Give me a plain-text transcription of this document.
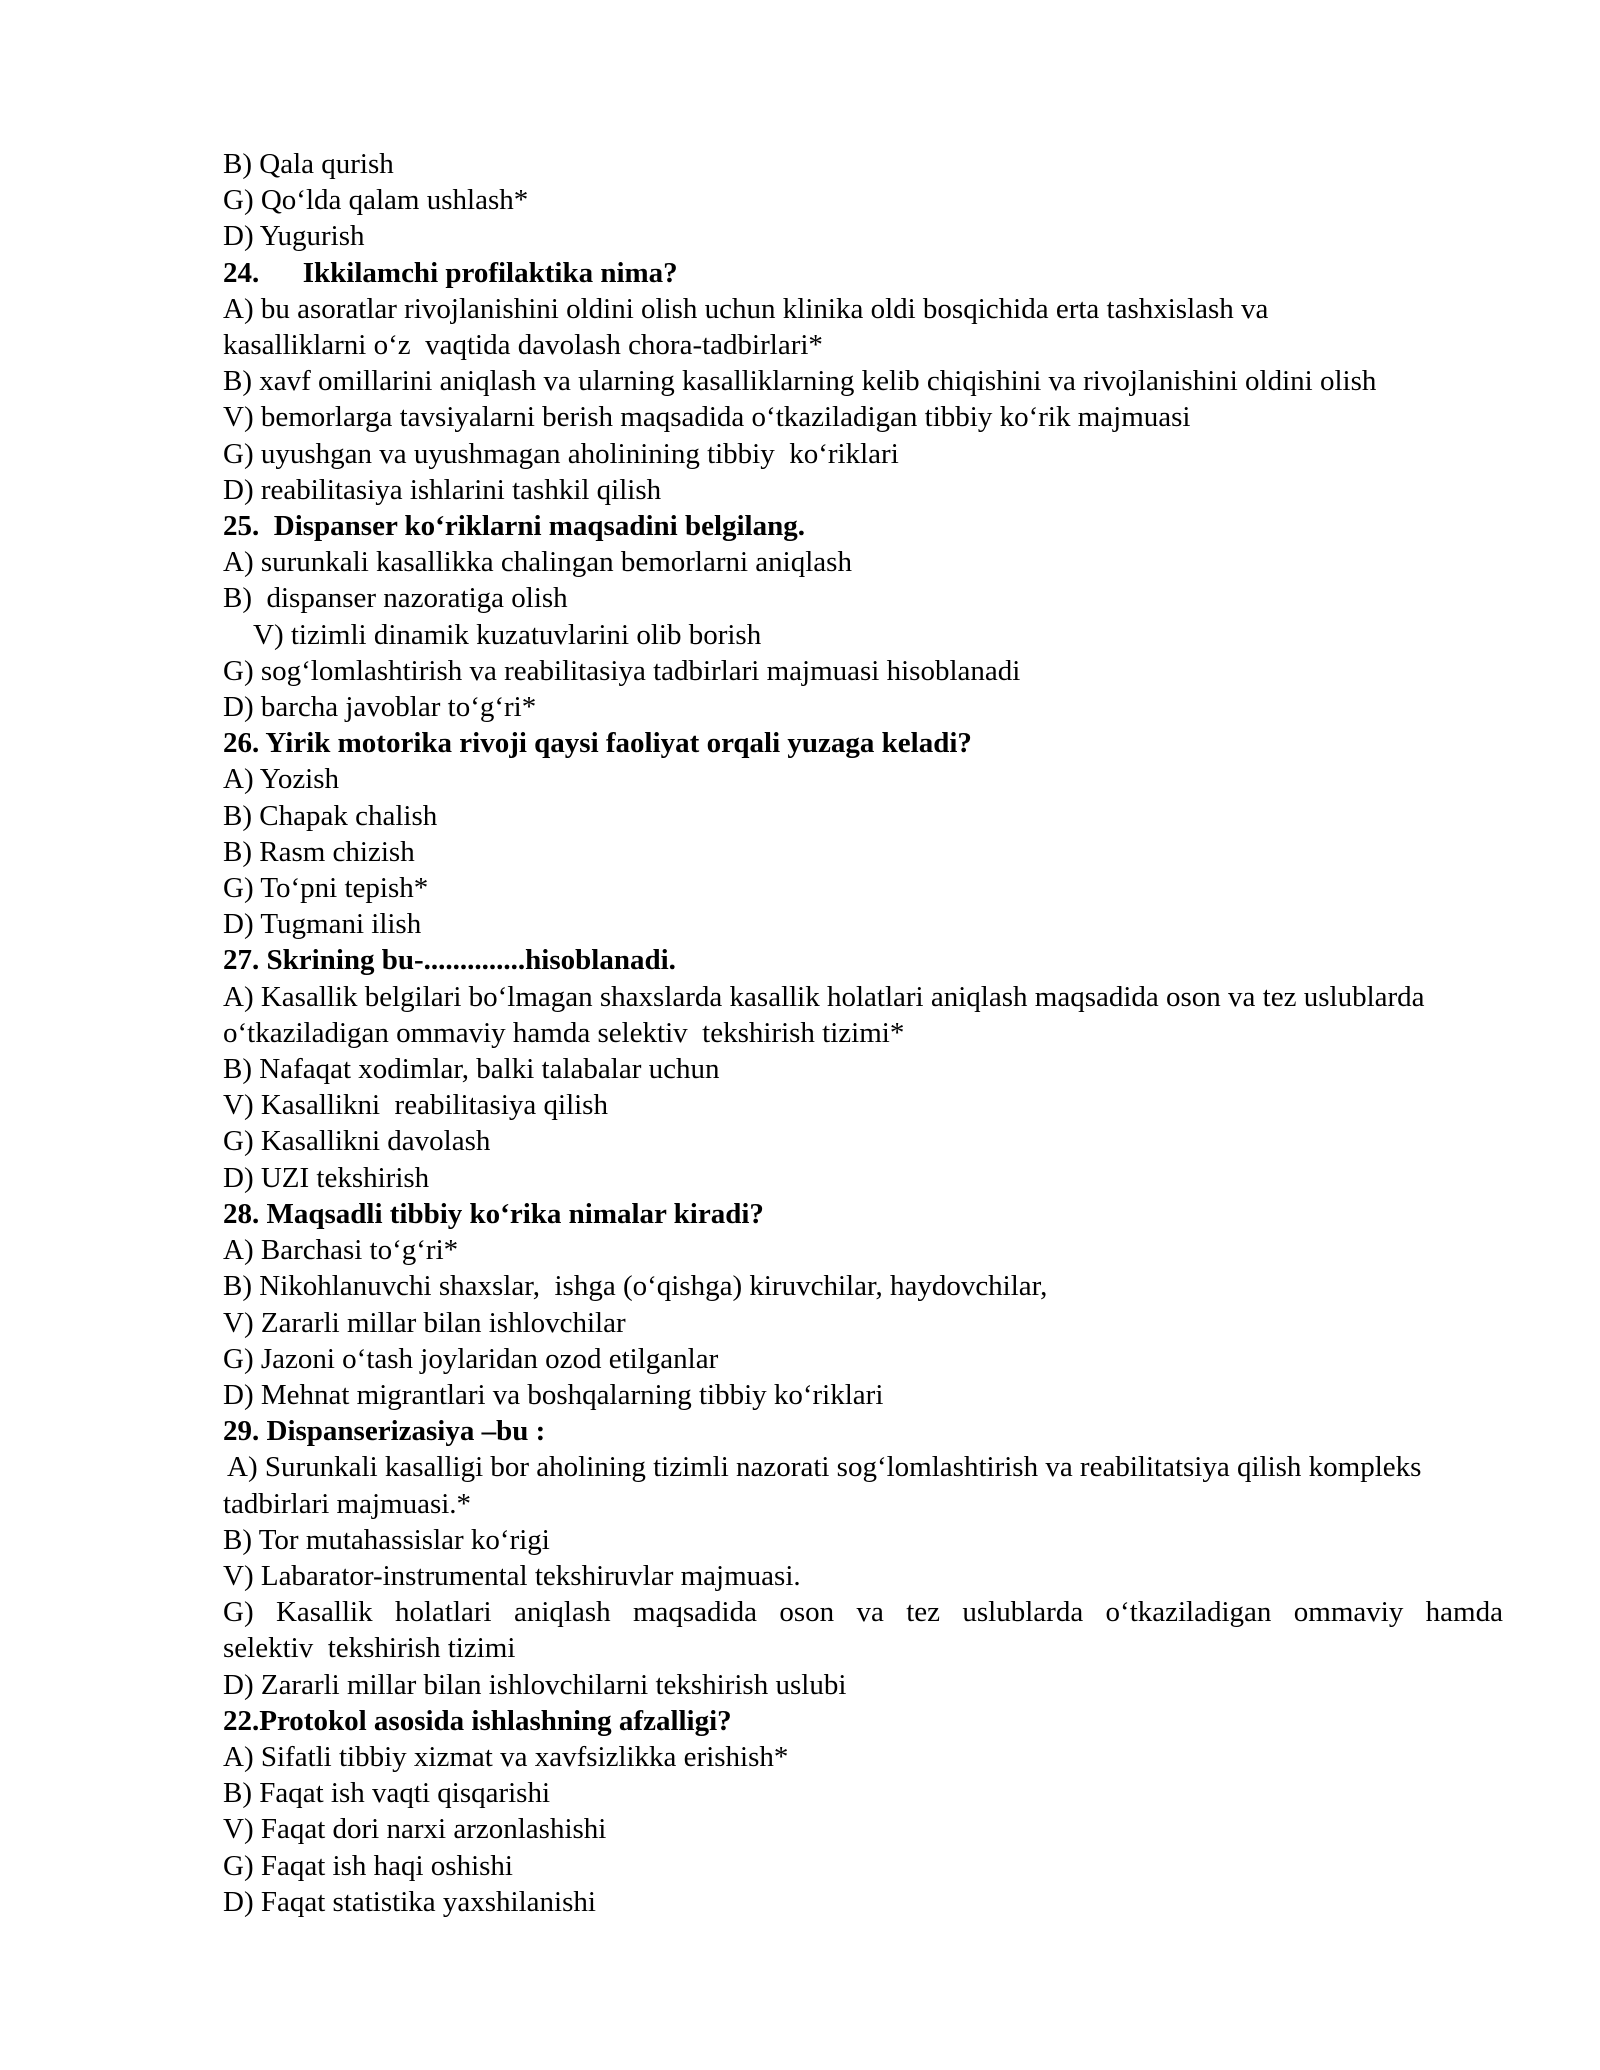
B) Qala qurish
G) Qo‘lda qalam ushlash*
D) Yugurish
24.      Ikkilamchi profilaktika nima?
A) bu asoratlar rivojlanishini oldini olish uchun klinika oldi bosqichida erta tashxislash va
kasalliklarni o‘z  vaqtida davolash chora-tadbirlari*
B) xavf omillarini aniqlash va ularning kasalliklarning kelib chiqishini va rivojlanishini oldini olish
V) bemorlarga tavsiyalarni berish maqsadida o‘tkaziladigan tibbiy ko‘rik majmuasi
G) uyushgan va uyushmagan aholinining tibbiy  ko‘riklari
D) reabilitasiya ishlarini tashkil qilish
25.  Dispanser ko‘riklarni maqsadini belgilang.
A) surunkali kasallikka chalingan bemorlarni aniqlash
B)  dispanser nazoratiga olish
V) tizimli dinamik kuzatuvlarini olib borish
G) sog‘lomlashtirish va reabilitasiya tadbirlari majmuasi hisoblanadi
D) barcha javoblar to‘g‘ri*
26. Yirik motorika rivoji qaysi faoliyat orqali yuzaga keladi?
A) Yozish
B) Chapak chalish
B) Rasm chizish
G) To‘pni tepish*
D) Tugmani ilish
27. Skrining bu-..............hisoblanadi.
A) Kasallik belgilari bo‘lmagan shaxslarda kasallik holatlari aniqlash maqsadida oson va tez uslublarda
o‘tkaziladigan ommaviy hamda selektiv  tekshirish tizimi*
B) Nafaqat xodimlar, balki talabalar uchun
V) Kasallikni  reabilitasiya qilish
G) Kasallikni davolash
D) UZI tekshirish
28. Maqsadli tibbiy ko‘rika nimalar kiradi?
A) Barchasi to‘g‘ri*
B) Nikohlanuvchi shaxslar,  ishga (o‘qishga) kiruvchilar, haydovchilar,
V) Zararli millar bilan ishlovchilar
G) Jazoni o‘tash joylaridan ozod etilganlar
D) Mehnat migrantlari va boshqalarning tibbiy ko‘riklari
29. Dispanserizasiya –bu :
A) Surunkali kasalligi bor aholining tizimli nazorati sog‘lomlashtirish va reabilitatsiya qilish kompleks
tadbirlari majmuasi.*
B) Tor mutahassislar ko‘rigi
V) Labarator-instrumental tekshiruvlar majmuasi.
G) Kasallik holatlari aniqlash maqsadida oson va tez uslublarda o‘tkaziladigan ommaviy hamda
selektiv  tekshirish tizimi
D) Zararli millar bilan ishlovchilarni tekshirish uslubi
22.Protokol asosida ishlashning afzalligi?
A) Sifatli tibbiy xizmat va xavfsizlikka erishish*
B) Faqat ish vaqti qisqarishi
V) Faqat dori narxi arzonlashishi
G) Faqat ish haqi oshishi
D) Faqat statistika yaxshilanishi
